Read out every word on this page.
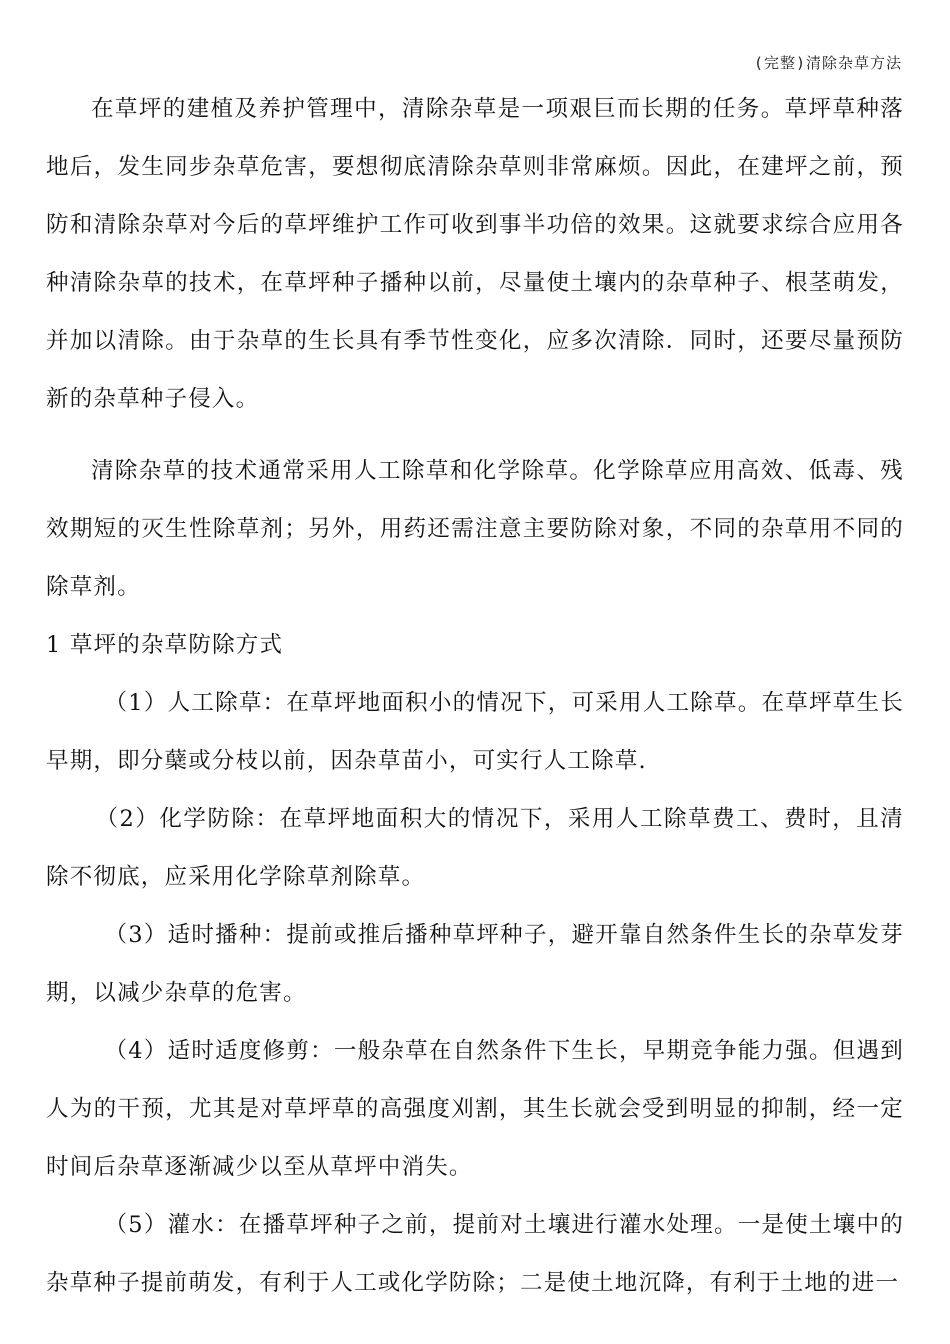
(完整)清除杂草方法

在草坪的建植及养护管理中，清除杂草是一项艰巨而长期的任务。草坪草种落地后，发生同步杂草危害，要想彻底清除杂草则非常麻烦。因此，在建坪之前，预防和清除杂草对今后的草坪维护工作可收到事半功倍的效果。这就要求综合应用各种清除杂草的技术，在草坪种子播种以前，尽量使土壤内的杂草种子、根茎萌发，并加以清除。由于杂草的生长具有季节性变化，应多次清除．同时，还要尽量预防新的杂草种子侵入。

清除杂草的技术通常采用人工除草和化学除草。化学除草应用高效、低毒、残效期短的灭生性除草剂；另外，用药还需注意主要防除对象，不同的杂草用不同的除草剂。

1 草坪的杂草防除方式

（1）人工除草：在草坪地面积小的情况下，可采用人工除草。在草坪草生长早期，即分蘖或分枝以前，因杂草苗小，可实行人工除草.

（2）化学防除：在草坪地面积大的情况下，采用人工除草费工、费时，且清除不彻底，应采用化学除草剂除草。

（3）适时播种：提前或推后播种草坪种子，避开靠自然条件生长的杂草发芽期，以减少杂草的危害。

（4）适时适度修剪：一般杂草在自然条件下生长，早期竞争能力强。但遇到人为的干预，尤其是对草坪草的高强度刈割，其生长就会受到明显的抑制，经一定时间后杂草逐渐减少以至从草坪中消失。

（5）灌水：在播草坪种子之前，提前对土壤进行灌水处理。一是使土壤中的杂草种子提前萌发，有利于人工或化学防除；二是使土地沉降，有利于土地的进一
